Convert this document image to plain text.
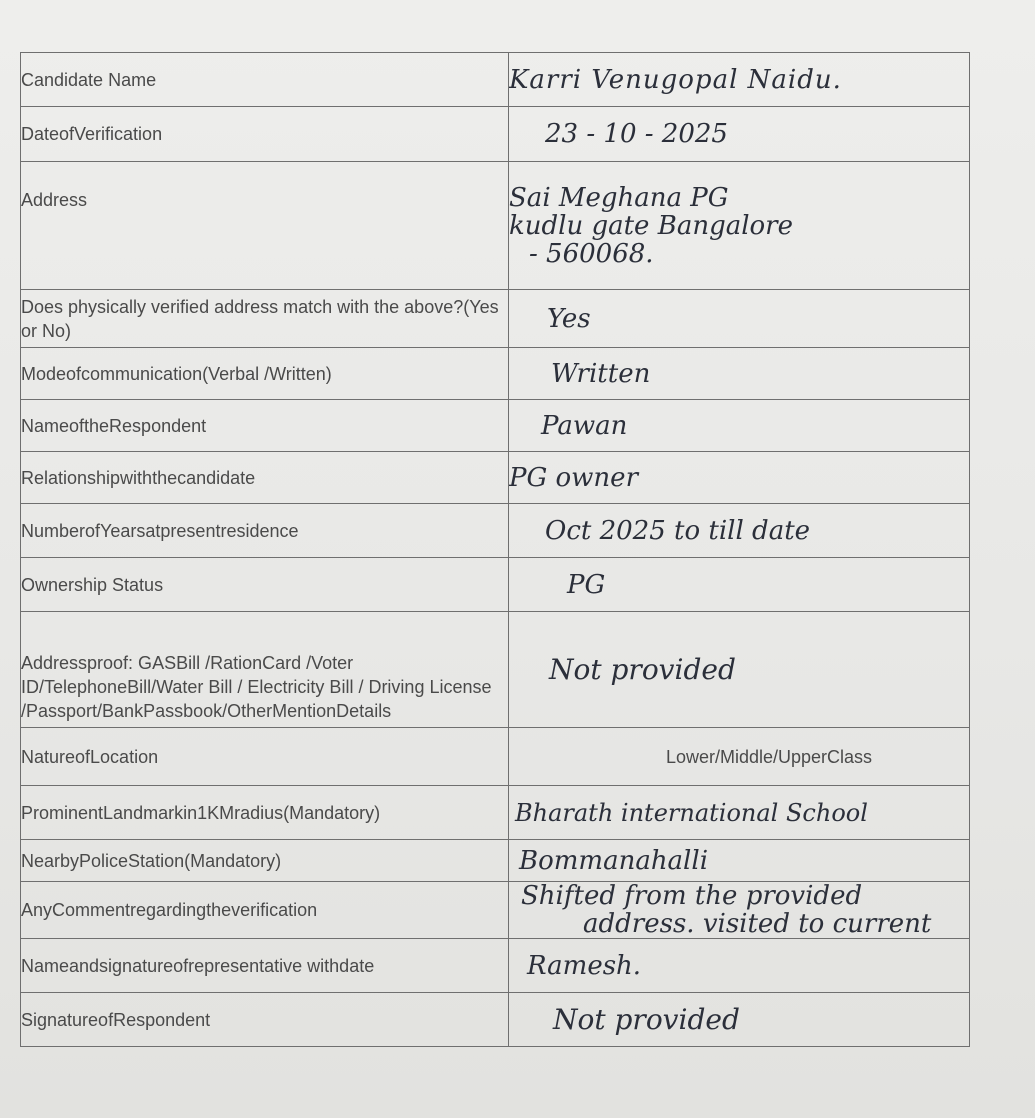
Candidate Name	Karri Venugopal Naidu.
DateofVerification	23 - 10 - 2025
Address	Sai Meghana PG
kudlu gate Bangalore
- 560068.

Does physically verified address match with the above?(Yes or No)	Yes
Modeofcommunication(Verbal /Written)	Written
NameoftheRespondent	Pawan
Relationshipwiththecandidate	PG owner
NumberofYearsatpresentresidence	Oct 2025 to till date
Ownership Status	PG
Addressproof: GASBill /RationCard /Voter ID/TelephoneBill/Water Bill / Electricity Bill / Driving License /Passport/BankPassbook/OtherMentionDetails	Not provided
NatureofLocation	Lower/Middle/UpperClass
ProminentLandmarkin1KMradius(Mandatory)	Bharath international School
NearbyPoliceStation(Mandatory)	Bommanahalli
AnyCommentregardingtheverification	Shifted from the provided
address. visited to current

Nameandsignatureofrepresentative withdate	Ramesh.
SignatureofRespondent	Not provided
